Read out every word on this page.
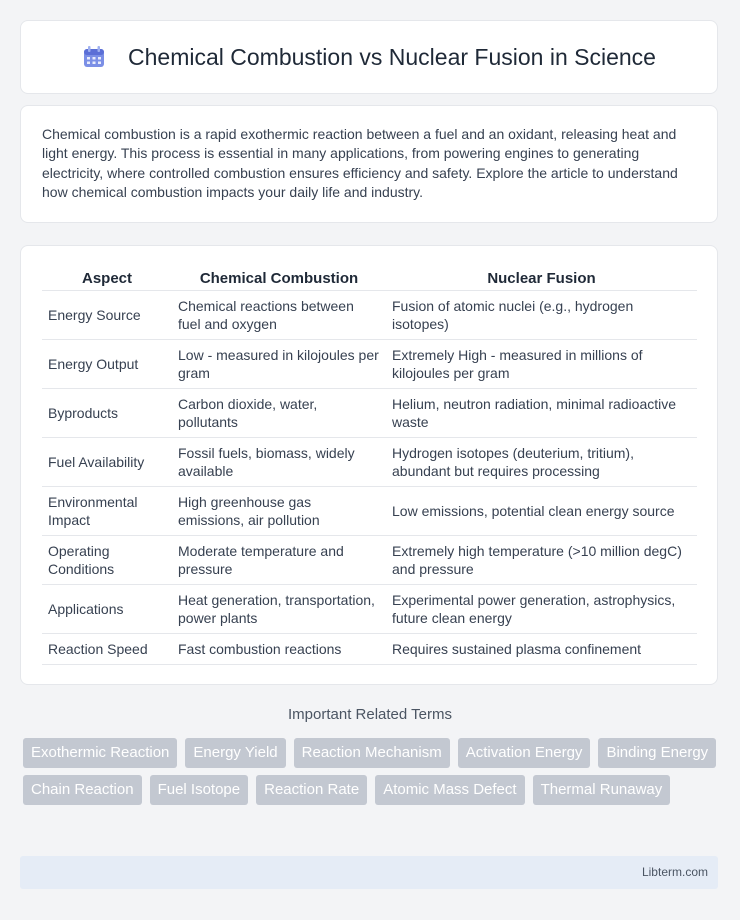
Chemical Combustion vs Nuclear Fusion in Science

Chemical combustion is a rapid exothermic reaction between a fuel and an oxidant, releasing heat and light energy. This process is essential in many applications, from powering engines to generating electricity, where controlled combustion ensures efficiency and safety. Explore the article to understand how chemical combustion impacts your daily life and industry.

Aspect	Chemical Combustion	Nuclear Fusion
Energy Source	Chemical reactions between fuel and oxygen	Fusion of atomic nuclei (e.g., hydrogen isotopes)
Energy Output	Low - measured in kilojoules per gram	Extremely High - measured in millions of kilojoules per gram
Byproducts	Carbon dioxide, water, pollutants	Helium, neutron radiation, minimal radioactive waste
Fuel Availability	Fossil fuels, biomass, widely available	Hydrogen isotopes (deuterium, tritium), abundant but requires processing
Environmental Impact	High greenhouse gas emissions, air pollution	Low emissions, potential clean energy source
Operating Conditions	Moderate temperature and pressure	Extremely high temperature (>10 million degC) and pressure
Applications	Heat generation, transportation, power plants	Experimental power generation, astrophysics, future clean energy
Reaction Speed	Fast combustion reactions	Requires sustained plasma confinement
Important Related Terms
Exothermic Reaction	Energy Yield	Reaction Mechanism	Activation Energy	Binding Energy
Chain Reaction	Fuel Isotope	Reaction Rate	Atomic Mass Defect	Thermal Runaway
Libterm.com
